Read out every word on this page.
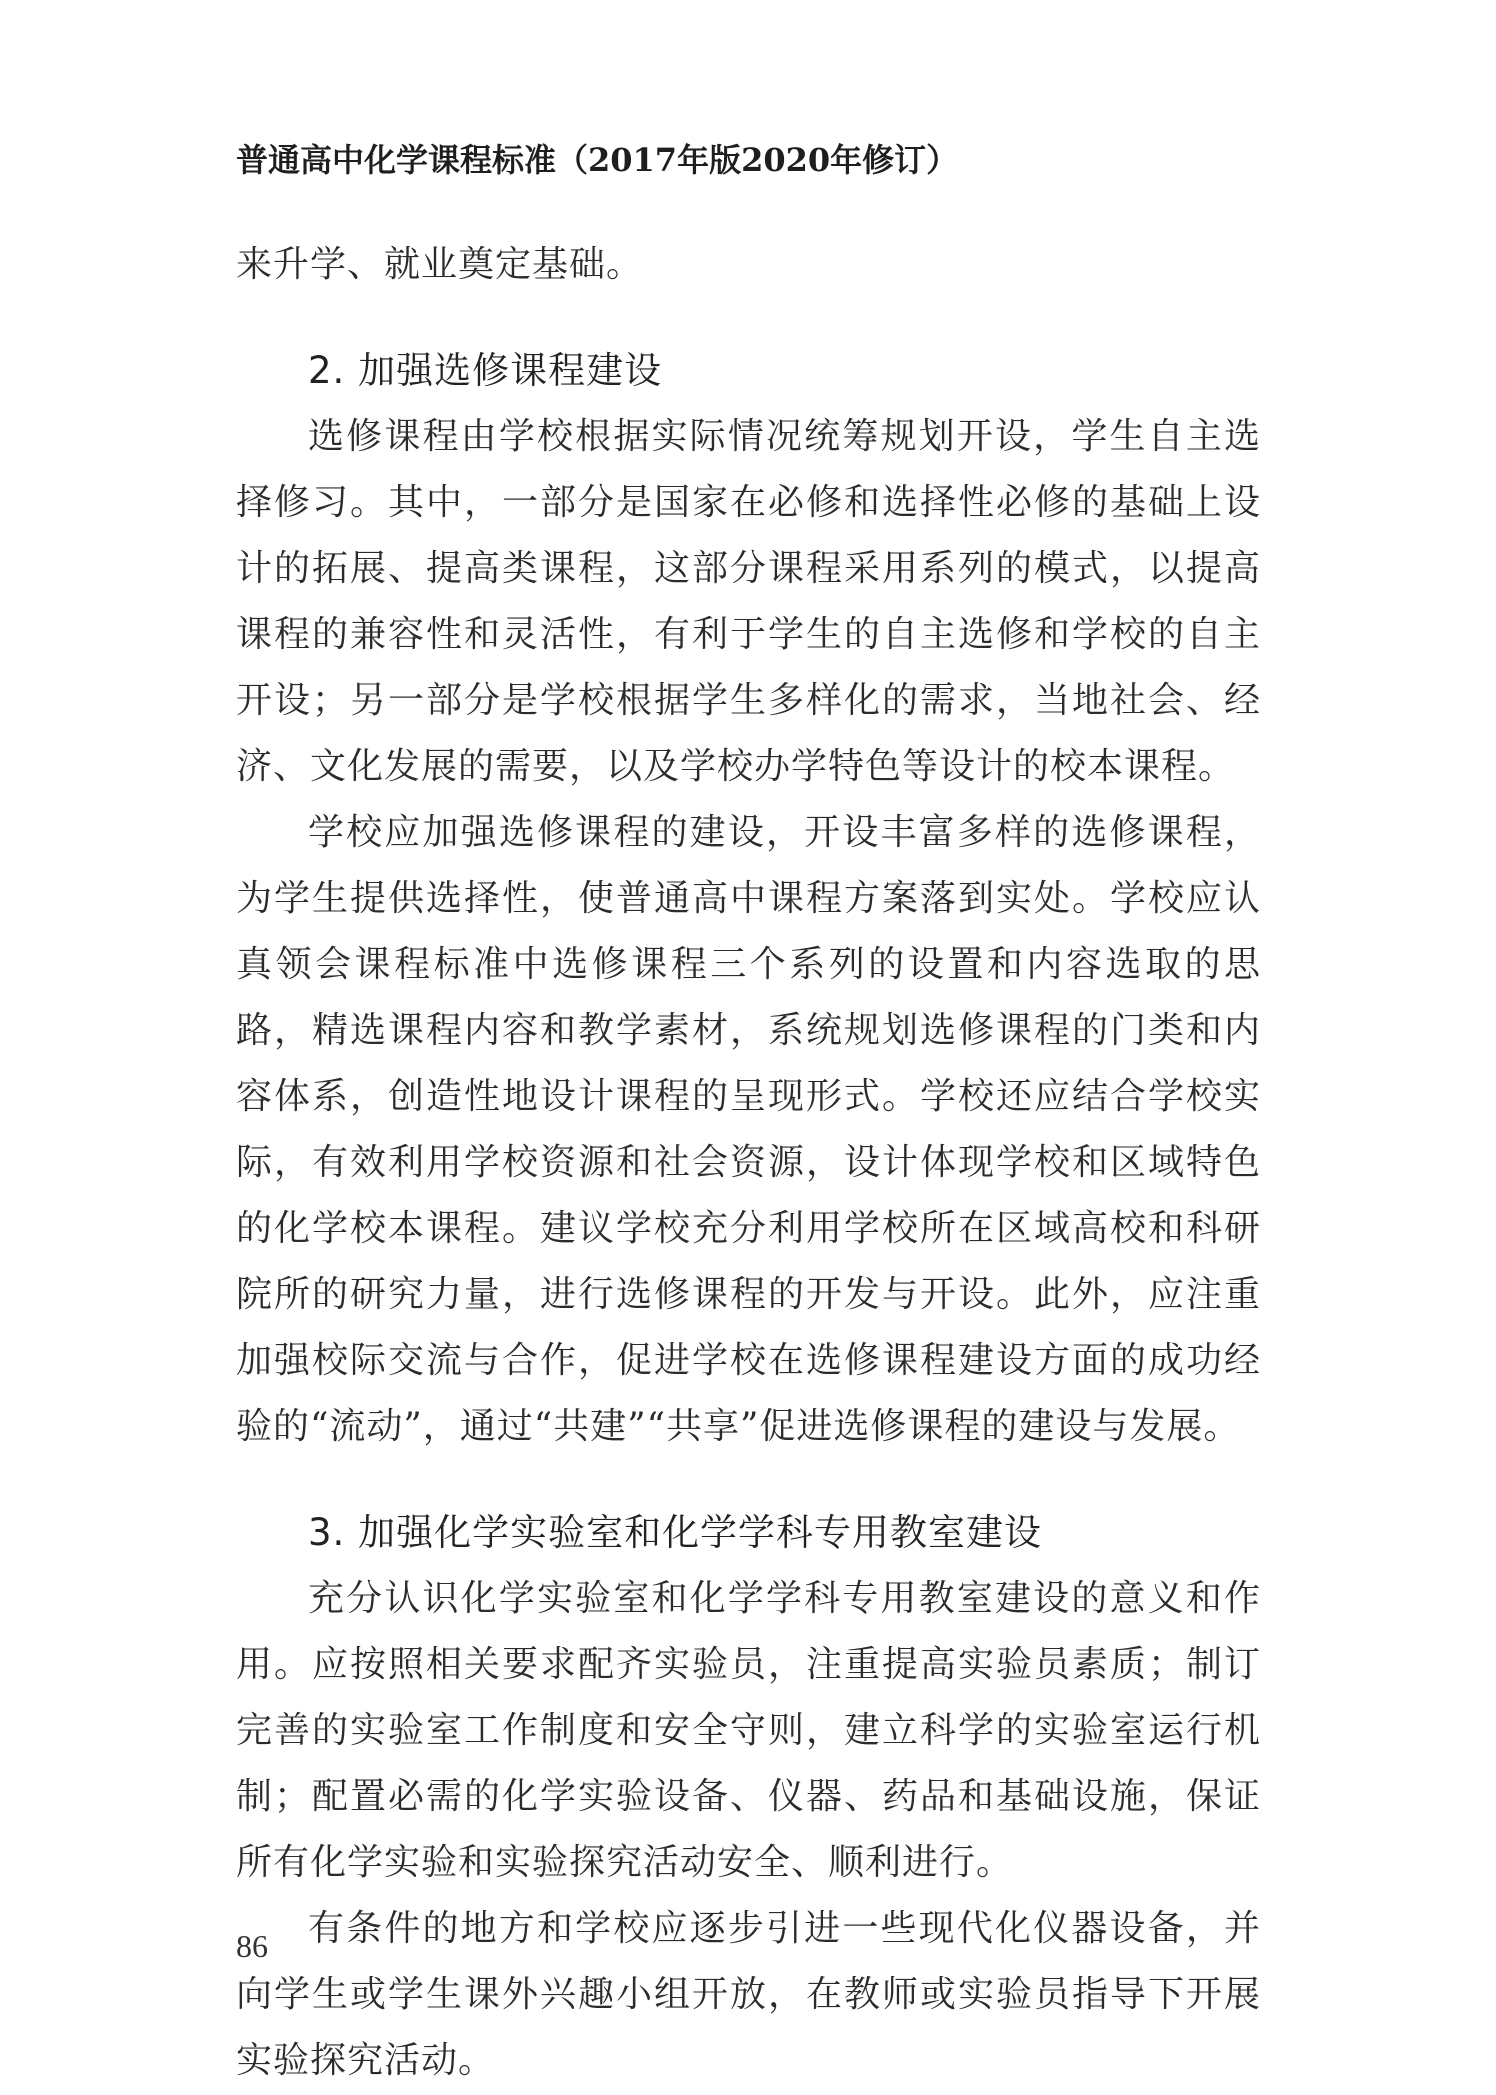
普通高中化学课程标准（2017年版2020年修订）

来升学、就业奠定基础。

2. 加强选修课程建设

选修课程由学校根据实际情况统筹规划开设，学生自主选择修习。其中，一部分是国家在必修和选择性必修的基础上设计的拓展、提高类课程，这部分课程采用系列的模式，以提高课程的兼容性和灵活性，有利于学生的自主选修和学校的自主开设；另一部分是学校根据学生多样化的需求，当地社会、经济、文化发展的需要，以及学校办学特色等设计的校本课程。

学校应加强选修课程的建设，开设丰富多样的选修课程，为学生提供选择性，使普通高中课程方案落到实处。学校应认真领会课程标准中选修课程三个系列的设置和内容选取的思路，精选课程内容和教学素材，系统规划选修课程的门类和内容体系，创造性地设计课程的呈现形式。学校还应结合学校实际，有效利用学校资源和社会资源，设计体现学校和区域特色的化学校本课程。建议学校充分利用学校所在区域高校和科研院所的研究力量，进行选修课程的开发与开设。此外，应注重加强校际交流与合作，促进学校在选修课程建设方面的成功经验的“流动”，通过“共建”“共享”促进选修课程的建设与发展。

3. 加强化学实验室和化学学科专用教室建设

充分认识化学实验室和化学学科专用教室建设的意义和作用。应按照相关要求配齐实验员，注重提高实验员素质；制订完善的实验室工作制度和安全守则，建立科学的实验室运行机制；配置必需的化学实验设备、仪器、药品和基础设施，保证所有化学实验和实验探究活动安全、顺利进行。

有条件的地方和学校应逐步引进一些现代化仪器设备，并向学生或学生课外兴趣小组开放，在教师或实验员指导下开展实验探究活动。

86
